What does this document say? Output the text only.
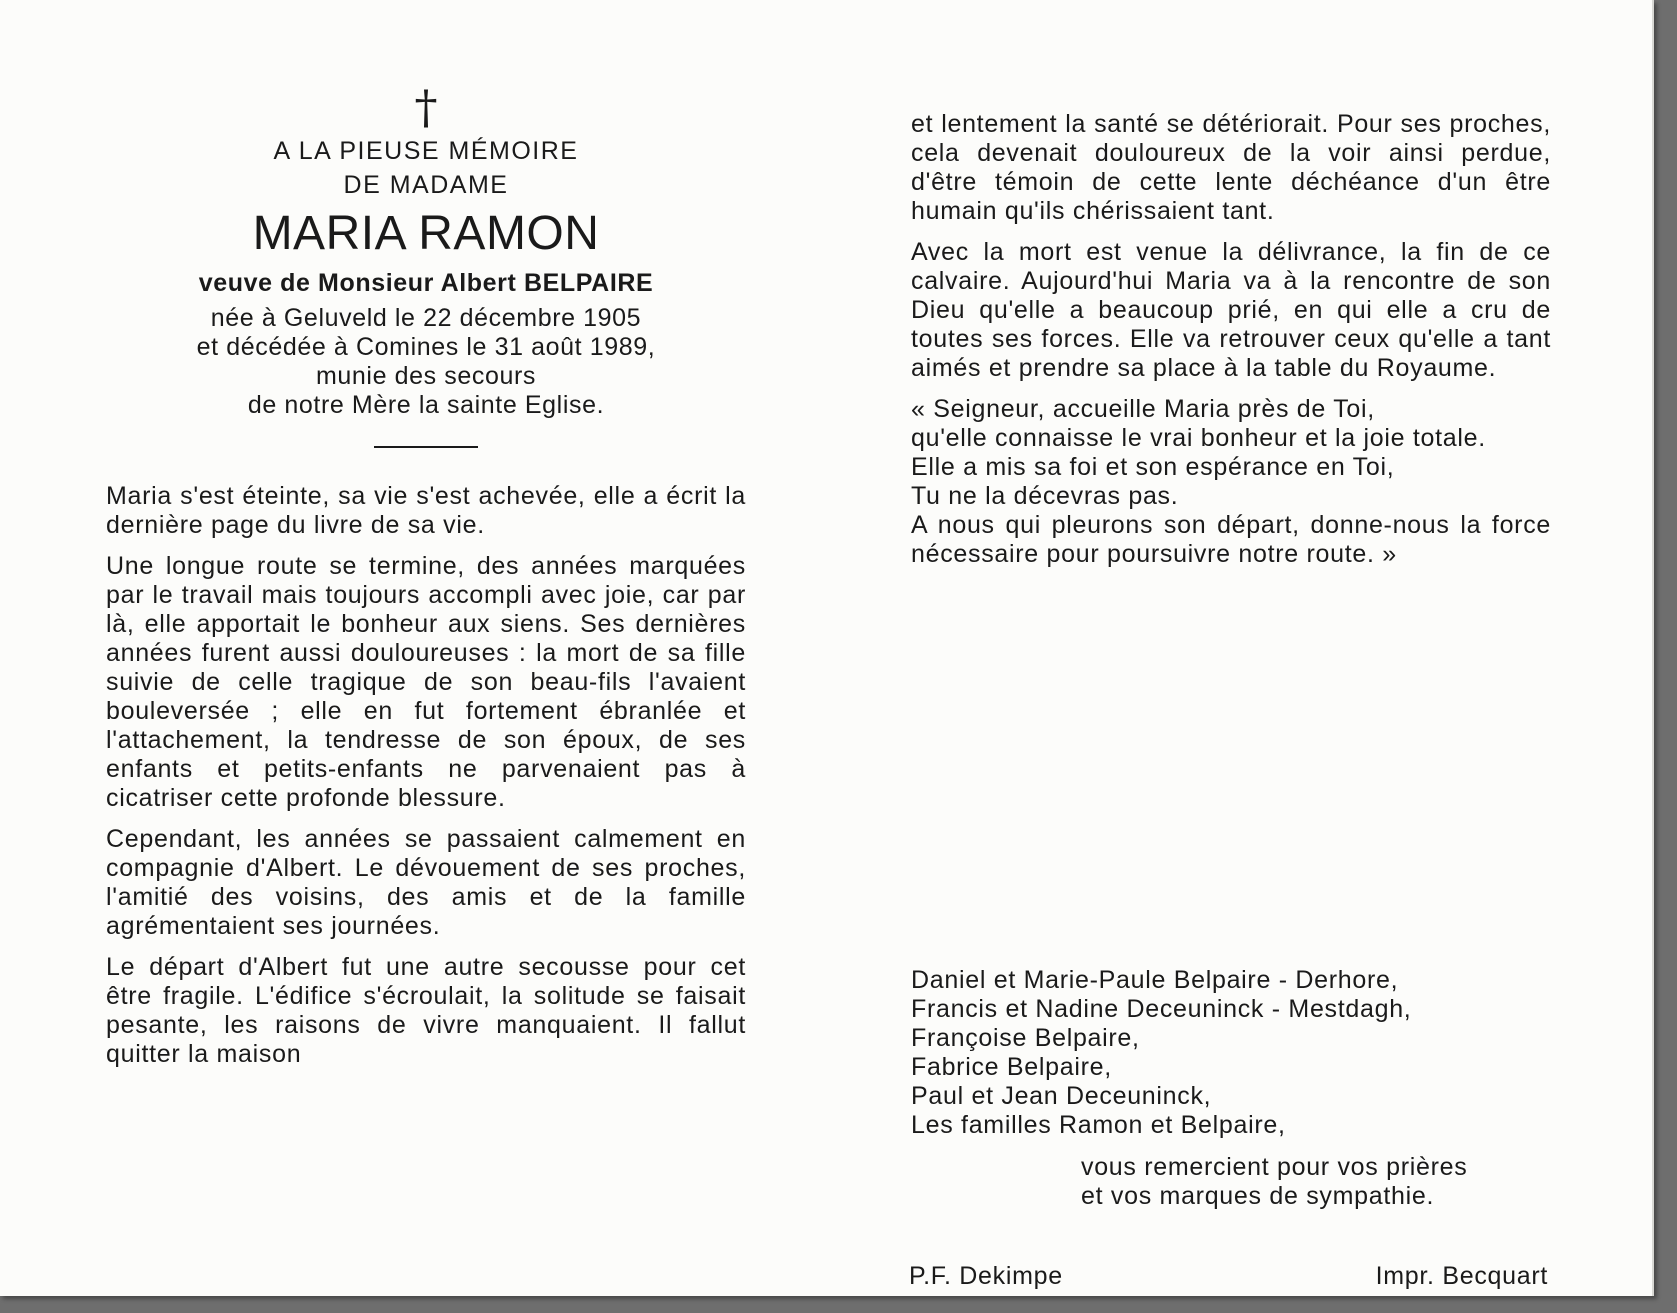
†

A LA PIEUSE MÉMOIRE

DE MADAME

MARIA RAMON

veuve de Monsieur Albert BELPAIRE

née à Geluveld le 22 décembre 1905

et décédée à Comines le 31 août 1989,

munie des secours

de notre Mère la sainte Eglise.

Maria s'est éteinte, sa vie s'est achevée, elle a écrit la dernière page du livre de sa vie.

Une longue route se termine, des années marquées par le travail mais toujours accompli avec joie, car par là, elle apportait le bonheur aux siens. Ses dernières années furent aussi douloureuses : la mort de sa fille suivie de celle tragique de son beau-fils l'avaient bouleversée ; elle en fut fortement ébranlée et l'attachement, la tendresse de son époux, de ses enfants et petits-enfants ne parvenaient pas à cicatriser cette profonde blessure.

Cependant, les années se passaient calmement en compagnie d'Albert. Le dévouement de ses proches, l'amitié des voisins, des amis et de la famille agrémentaient ses journées.

Le départ d'Albert fut une autre secousse pour cet être fragile. L'édifice s'écroulait, la solitude se faisait pesante, les raisons de vivre manquaient. Il fallut quitter la maison

et lentement la santé se détériorait. Pour ses proches, cela devenait douloureux de la voir ainsi perdue, d'être témoin de cette lente déchéance d'un être humain qu'ils chérissaient tant.

Avec la mort est venue la délivrance, la fin de ce calvaire. Aujourd'hui Maria va à la rencontre de son Dieu qu'elle a beaucoup prié, en qui elle a cru de toutes ses forces. Elle va retrouver ceux qu'elle a tant aimés et prendre sa place à la table du Royaume.

« Seigneur, accueille Maria près de Toi,
qu'elle connaisse le vrai bonheur et la joie totale.
Elle a mis sa foi et son espérance en Toi,
Tu ne la décevras pas.
A nous qui pleurons son départ, donne-nous la force nécessaire pour poursuivre notre route. »

Daniel et Marie-Paule Belpaire - Derhore,

Francis et Nadine Deceuninck - Mestdagh,

Françoise Belpaire,

Fabrice Belpaire,

Paul et Jean Deceuninck,

Les familles Ramon et Belpaire,

vous remercient pour vos prières

et vos marques de sympathie.

P.F. Dekimpe	Impr. Becquart
